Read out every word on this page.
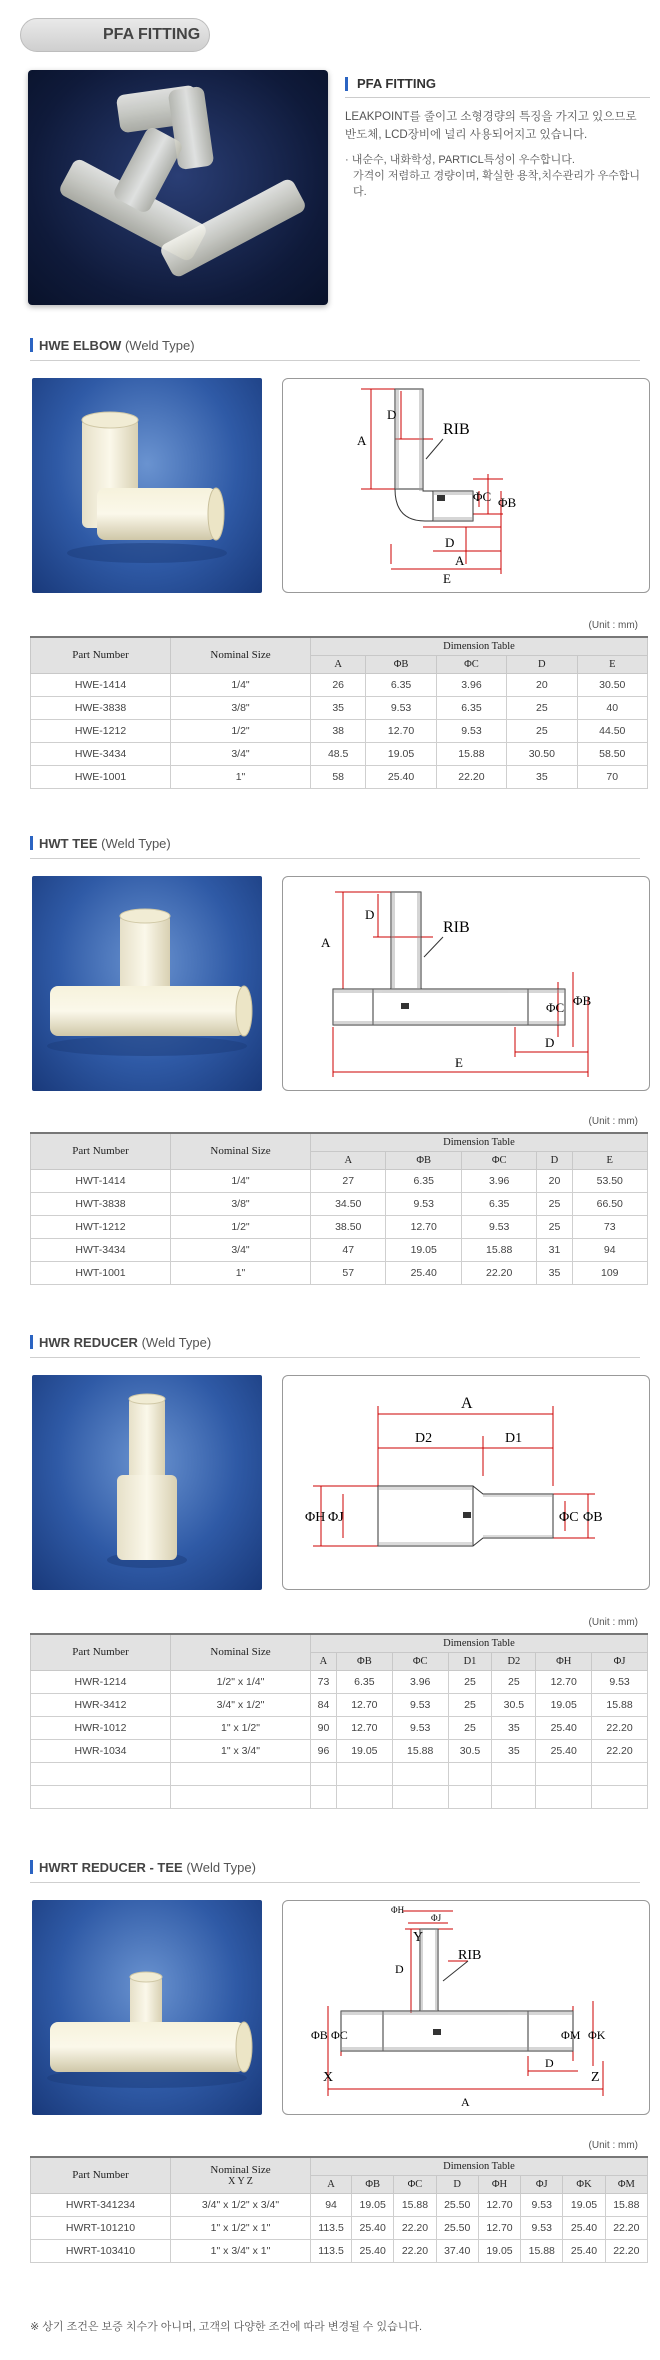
PFA FITTING
PFA FITTING

LEAKPOINT를 줄이고 소형경량의 특징을 가지고 있으므로

반도체, LCD장비에 널리 사용되어지고 있습니다.

· 내순수, 내화학성, PARTICL특성이 우수합니다.
가격이 저렴하고 경량이며, 확실한 용착,치수관리가 우수합니다.
HWE ELBOW (Weld Type)
A
D
RIB
ΦC ΦB
D
A
E
(Unit : mm)
Part Number	Nominal Size	Dimension Table				
		A	ΦB	ΦC	D	E
HWE-1414	1/4"	26	6.35	3.96	20	30.50
HWE-3838	3/8"	35	9.53	6.35	25	40
HWE-1212	1/2"	38	12.70	9.53	25	44.50
HWE-3434	3/4"	48.5	19.05	15.88	30.50	58.50
HWE-1001	1"	58	25.40	22.20	35	70
HWT TEE (Weld Type)
A
D
RIB
ΦC ΦB
D
E
(Unit : mm)
Part Number	Nominal Size	Dimension Table				
		A	ΦB	ΦC	D	E
HWT-1414	1/4"	27	6.35	3.96	20	53.50
HWT-3838	3/8"	34.50	9.53	6.35	25	66.50
HWT-1212	1/2"	38.50	12.70	9.53	25	73
HWT-3434	3/4"	47	19.05	15.88	31	94
HWT-1001	1"	57	25.40	22.20	35	109
HWR REDUCER (Weld Type)
A
D2	D1
ΦH ΦJ	ΦC ΦB
(Unit : mm)
Part Number	Nominal Size	Dimension Table						
		A	ΦB	ΦC	D1	D2	ΦH	ΦJ
HWR-1214	1/2" x 1/4"	73	6.35	3.96	25	25	12.70	9.53
HWR-3412	3/4" x 1/2"	84	12.70	9.53	25	30.5	19.05	15.88
HWR-1012	1" x 1/2"	90	12.70	9.53	25	35	25.40	22.20
HWR-1034	1" x 3/4"	96	19.05	15.88	30.5	35	25.40	22.20

HWRT REDUCER - TEE (Weld Type)
ΦH
ΦJ
Y
D
RIB
ΦB ΦC	ΦM ΦK
X	Z
D
A
(Unit : mm)
Part Number	Nominal Size
X Y Z	Dimension Table							
		A	ΦB	ΦC	D	ΦH	ΦJ	ΦK	ΦM
HWRT-341234	3/4" x 1/2" x 3/4"	94	19.05	15.88	25.50	12.70	9.53	19.05	15.88
HWRT-101210	1" x 1/2" x 1"	113.5	25.40	22.20	25.50	12.70	9.53	25.40	22.20
HWRT-103410	1" x 3/4" x 1"	113.5	25.40	22.20	37.40	19.05	15.88	25.40	22.20
※ 상기 조건은 보증 치수가 아니며, 고객의 다양한 조건에 따라 변경될 수 있습니다.
